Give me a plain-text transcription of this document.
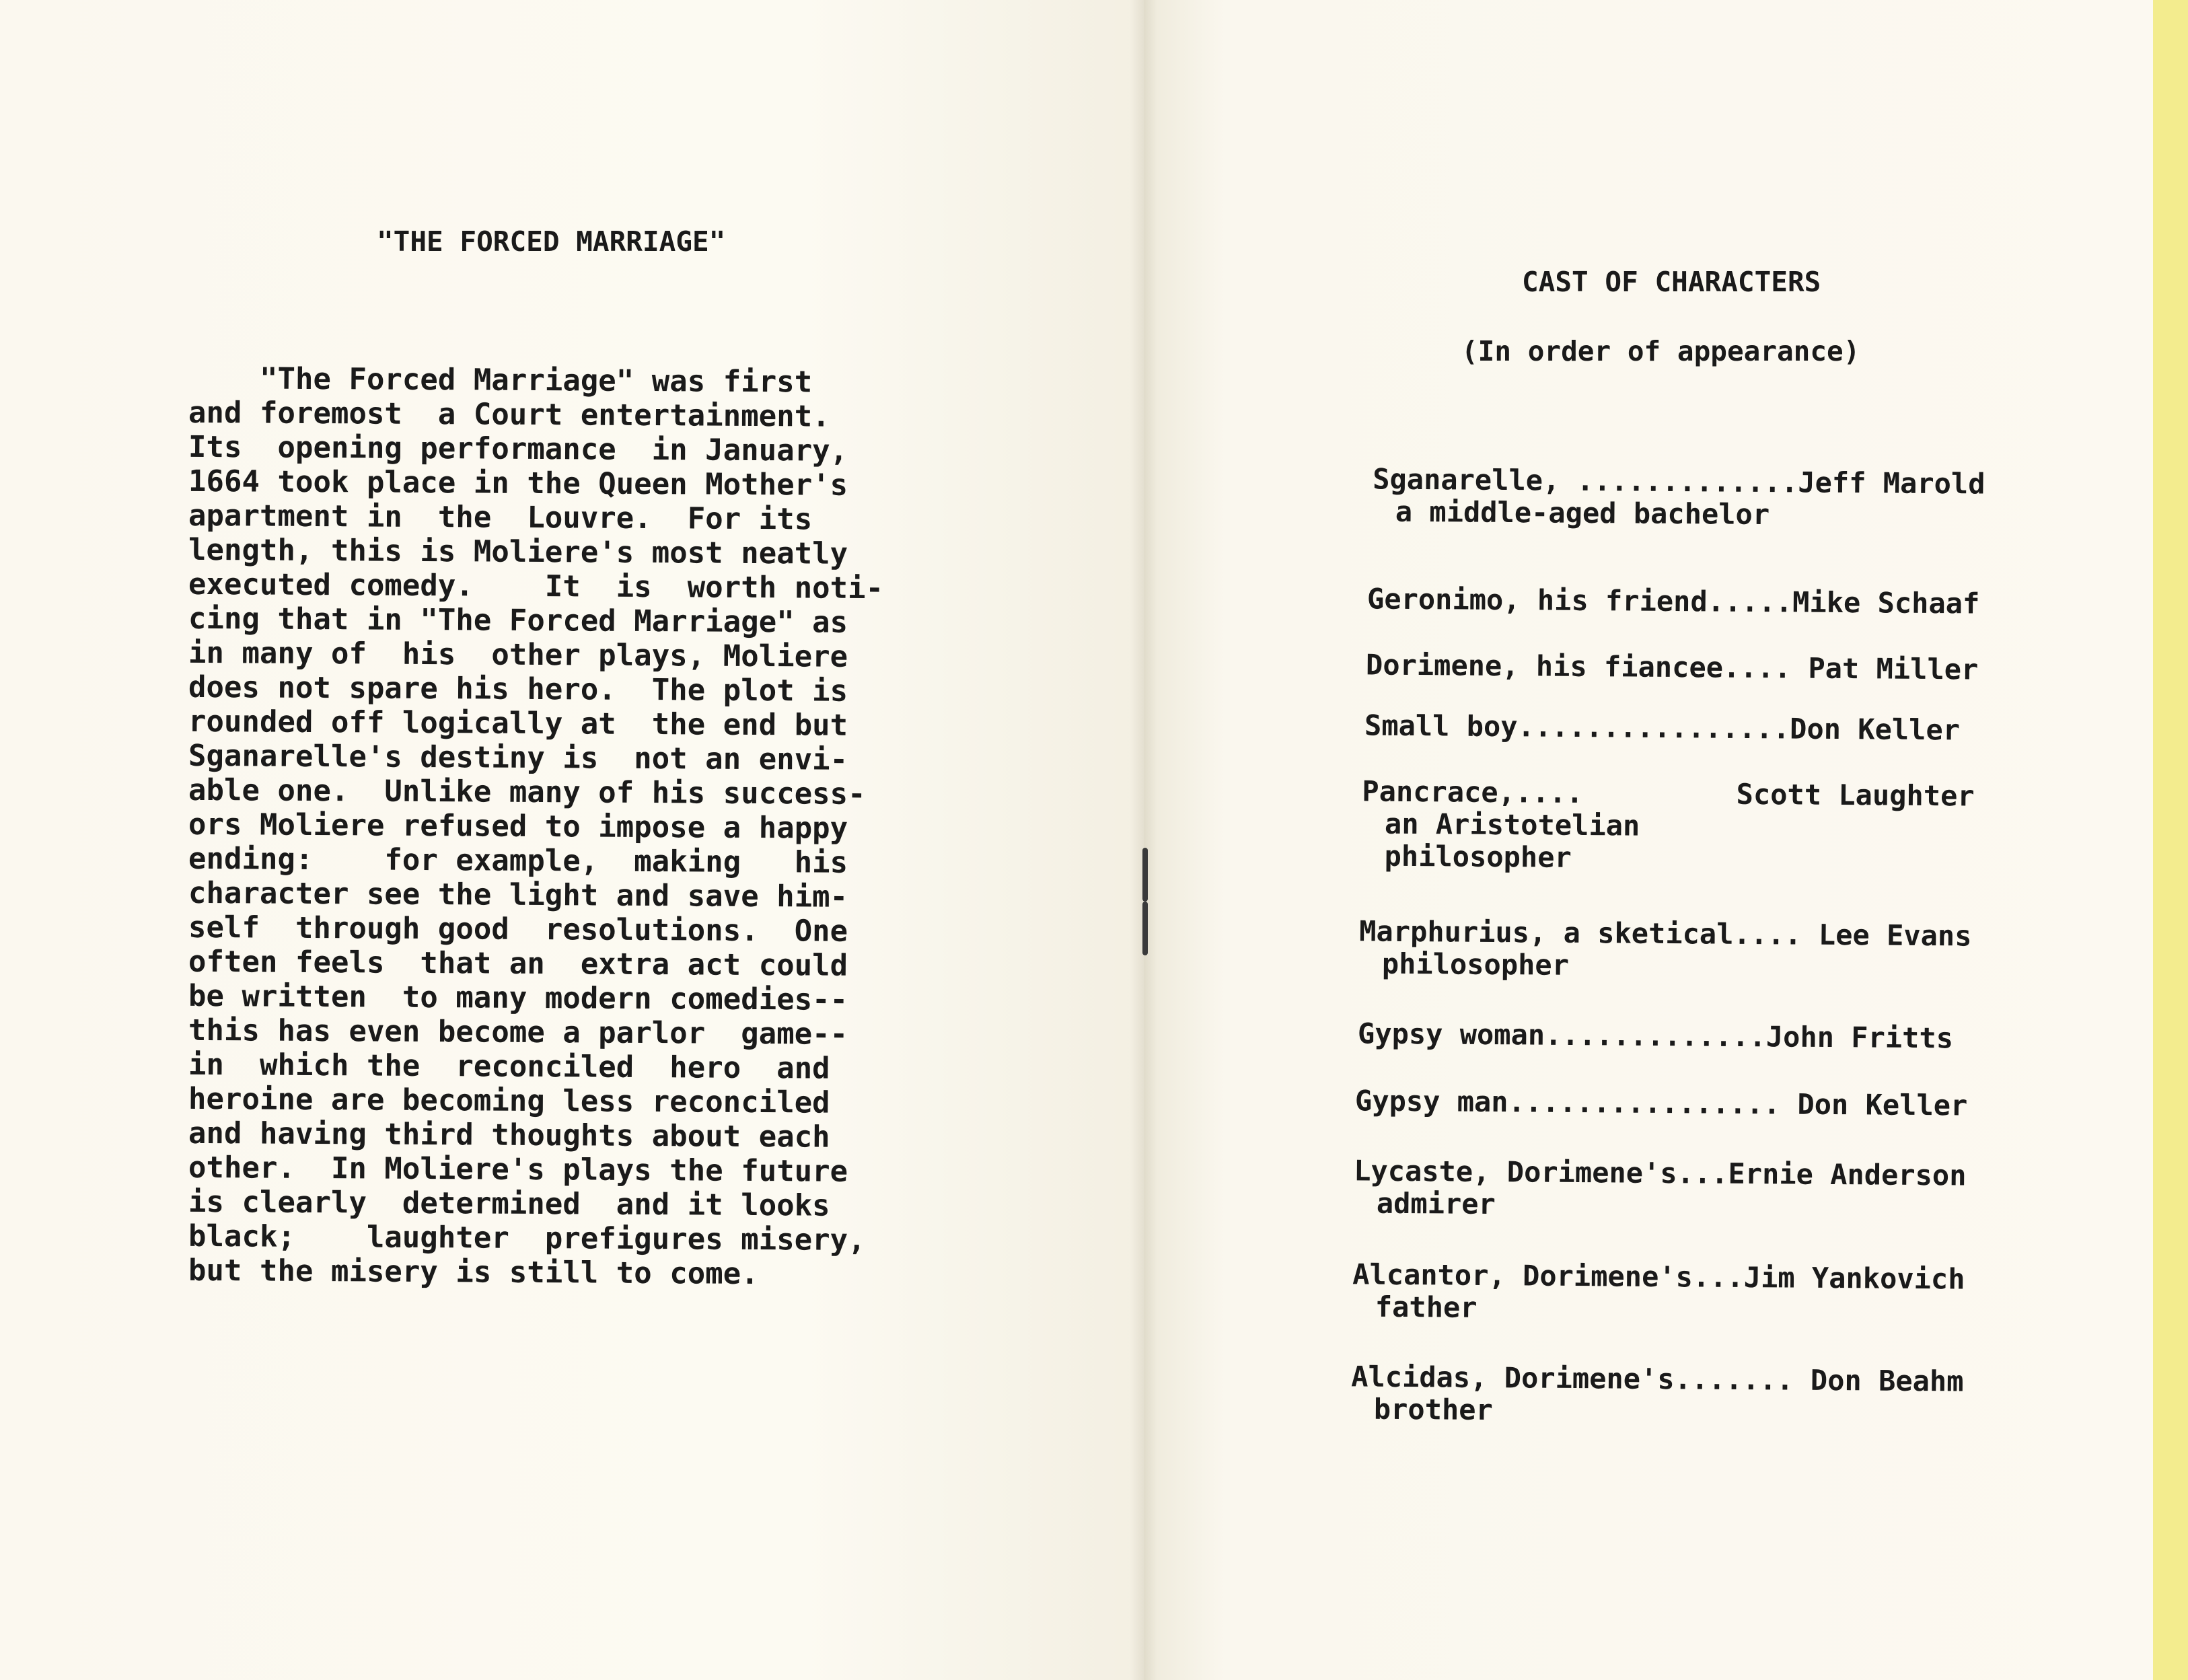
"THE FORCED MARRIAGE"
"The Forced Marriage" was first
and foremost  a Court entertainment.
Its  opening performance  in January,
1664 took place in the Queen Mother's
apartment in  the  Louvre.  For its
length, this is Moliere's most neatly
executed comedy.    It  is  worth noti-
cing that in "The Forced Marriage" as
in many of  his  other plays, Moliere
does not spare his hero.  The plot is
rounded off logically at  the end but
Sganarelle's destiny is  not an envi-
able one.  Unlike many of his success-
ors Moliere refused to impose a happy
ending:    for example,  making   his
character see the light and save him-
self  through good  resolutions.  One
often feels  that an  extra act could
be written  to many modern comedies--
this has even become a parlor  game--
in  which the  reconciled  hero  and
heroine are becoming less reconciled
and having third thoughts about each
other.  In Moliere's plays the future
is clearly  determined  and it looks
black;    laughter  prefigures misery,
but the misery is still to come.
CAST OF CHARACTERS
(In order of appearance)
Sganarelle, .............Jeff Marold
a middle-aged bachelor
Geronimo, his friend.....Mike Schaaf
Dorimene, his fiancee.... Pat Miller
Small boy................Don Keller
Pancrace,....         Scott Laughter
an Aristotelian
philosopher
Marphurius, a sketical.... Lee Evans
philosopher
Gypsy woman.............John Fritts
Gypsy man................ Don Keller
Lycaste, Dorimene's...Ernie Anderson
admirer
Alcantor, Dorimene's...Jim Yankovich
father
Alcidas, Dorimene's....... Don Beahm
brother
